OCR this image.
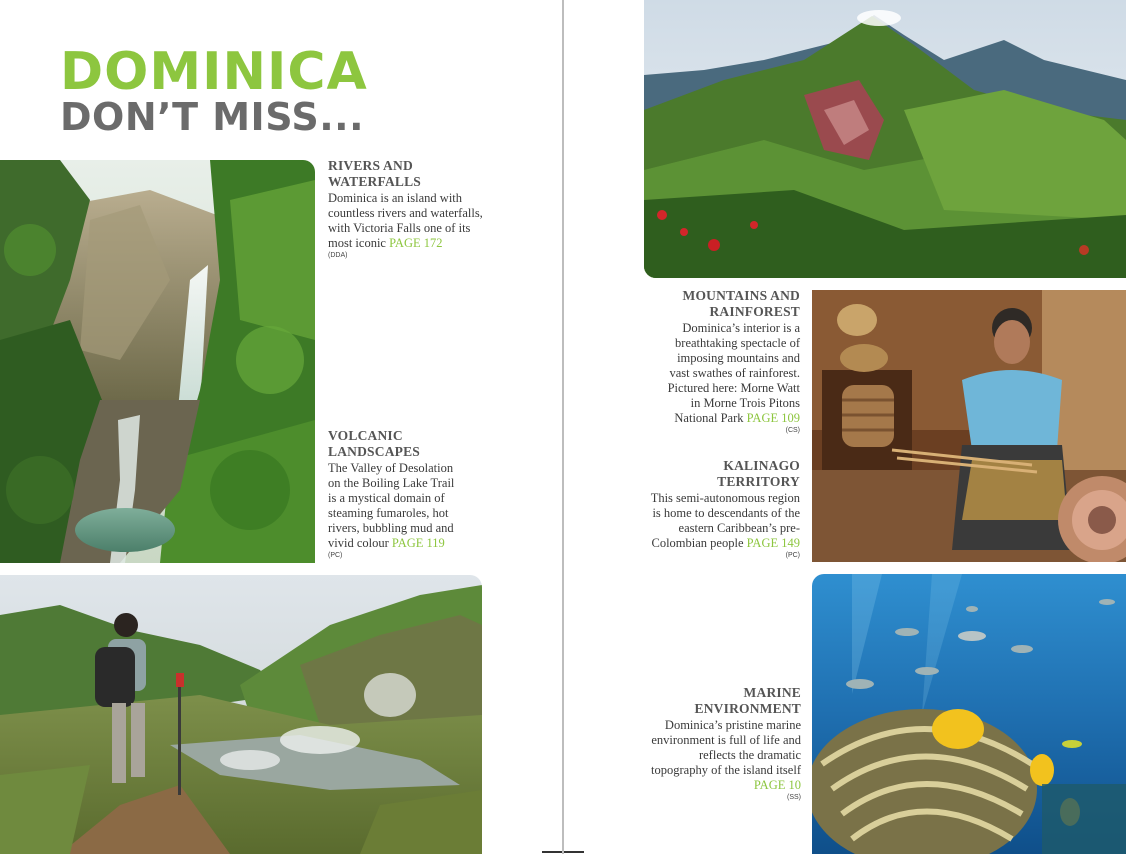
DOMINICA
DON’T MISS...
RIVERS AND
WATERFALLS

Dominica is an island with countless rivers and waterfalls, with Victoria Falls one of its most iconic PAGE 172

(DDA)
VOLCANIC
LANDSCAPES

The Valley of Desolation on the Boiling Lake Trail is a mystical domain of steaming fumaroles, hot rivers, bubbling mud and vivid colour PAGE 119

(PC)
MOUNTAINS AND
RAINFOREST

Dominica’s interior is a breathtaking spectacle of imposing mountains and vast swathes of rainforest. Pictured here: Morne Watt in Morne Trois Pitons National Park PAGE 109

(CS)
KALINAGO
TERRITORY

This semi-autonomous region is home to descendants of the eastern Caribbean’s pre-Colombian people PAGE 149

(PC)
MARINE
ENVIRONMENT

Dominica’s pristine marine environment is full of life and reflects the dramatic topography of the island itself
PAGE 10

(SS)
